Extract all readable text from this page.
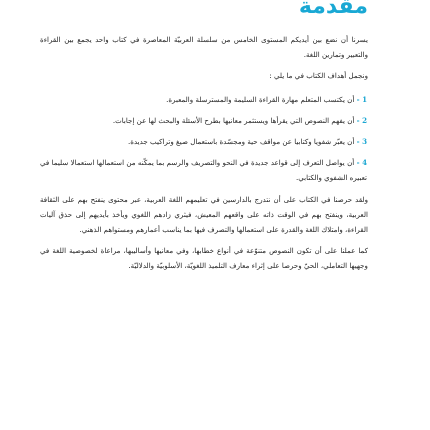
مقدمة

يسرنا أن نضع بين أيديكم المستوى الخامس من سلسلة العربيّة المعاصرة في كتاب واحد يجمع بين القراءة والتعبير وتمارين اللغة.

ونجمل أهداف الكتاب في ما يلي :

1 - أن يكتسب المتعلم مهارة القراءة السليمة والمسترسلة والمعبرة.

2 - أن يفهم النصوص التي يقرأها ويستثمر معانيها بطرح الأسئلة والبحث لها عن إجابات.

3 - أن يعبّر شفويا وكتابيا عن مواقف حية ومجسّدة باستعمال صيغ وتراكيب جديدة.

4 - أن يواصل التعرف إلى قواعد جديدة في النحو والتصريف والرسم بما يمكّنه من استعمالها استعمالا سليما في تعبيره الشفوي والكتابي.

ولقد حرصنا في الكتاب على أن نتدرج بالدارسين في تعليمهم اللغة العربية، عبر محتوى ينفتح بهم على الثقافة العربية، وينفتح بهم في الوقت ذاته على واقعهم المعيش، فيثري زادهم اللغوي ويأخذ بأيديهم إلى حذق آليات القراءة، وامتلاك اللغة والقدرة على استعمالها والتصرف فيها بما يناسب أعمارهم ومستواهم الذهني.

كما عملنا على أن تكون النصوص متنوّعة في أنواع خطابها، وفي معانيها وأساليبها، مراعاة لخصوصية اللغة في وجهيها التعاملي، الحيّ وحرصا على إثراء معارف التلميذ اللغويّة، الأسلوبيّة والدلاليّة.
